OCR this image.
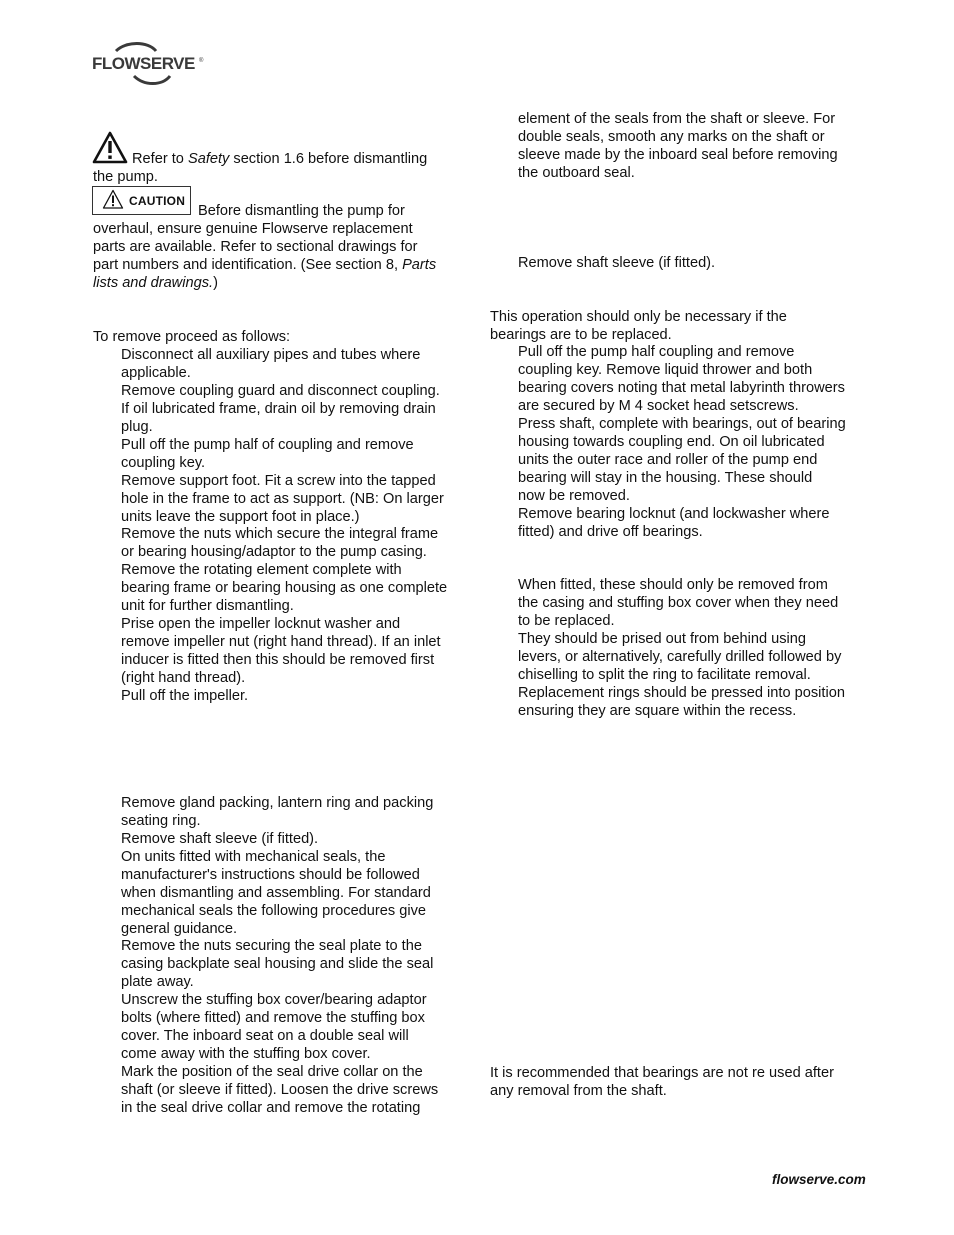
FLOWSERVE ®
Refer to Safety section 1.6 before dismantling
the pump.
CAUTION
Before dismantling the pump for
overhaul, ensure genuine Flowserve replacement
parts are available. Refer to sectional drawings for
part numbers and identification. (See section 8, Parts
lists and drawings.)
To remove proceed as follows:
Disconnect all auxiliary pipes and tubes where
applicable.
Remove coupling guard and disconnect coupling.
If oil lubricated frame, drain oil by removing drain
plug.
Pull off the pump half of coupling and remove
coupling key.
Remove support foot. Fit a screw into the tapped
hole in the frame to act as support. (NB: On larger
units leave the support foot in place.)
Remove the nuts which secure the integral frame
or bearing housing/adaptor to the pump casing.
Remove the rotating element complete with
bearing frame or bearing housing as one complete
unit for further dismantling.
Prise open the impeller locknut washer and
remove impeller nut (right hand thread). If an inlet
inducer is fitted then this should be removed first
(right hand thread).
Pull off the impeller.
Remove gland packing, lantern ring and packing
seating ring.
Remove shaft sleeve (if fitted).
On units fitted with mechanical seals, the
manufacturer's instructions should be followed
when dismantling and assembling. For standard
mechanical seals the following procedures give
general guidance.
Remove the nuts securing the seal plate to the
casing backplate seal housing and slide the seal
plate away.
Unscrew the stuffing box cover/bearing adaptor
bolts (where fitted) and remove the stuffing box
cover. The inboard seat on a double seal will
come away with the stuffing box cover.
Mark the position of the seal drive collar on the
shaft (or sleeve if fitted). Loosen the drive screws
in the seal drive collar and remove the rotating
element of the seals from the shaft or sleeve. For
double seals, smooth any marks on the shaft or
sleeve made by the inboard seal before removing
the outboard seal.
Remove shaft sleeve (if fitted).
This operation should only be necessary if the
bearings are to be replaced.
Pull off the pump half coupling and remove
coupling key. Remove liquid thrower and both
bearing covers noting that metal labyrinth throwers
are secured by M 4 socket head setscrews.
Press shaft, complete with bearings, out of bearing
housing towards coupling end. On oil lubricated
units the outer race and roller of the pump end
bearing will stay in the housing. These should
now be removed.
Remove bearing locknut (and lockwasher where
fitted) and drive off bearings.
When fitted, these should only be removed from
the casing and stuffing box cover when they need
to be replaced.
They should be prised out from behind using
levers, or alternatively, carefully drilled followed by
chiselling to split the ring to facilitate removal.
Replacement rings should be pressed into position
ensuring they are square within the recess.
It is recommended that bearings are not re used after
any removal from the shaft.
flowserve.com
